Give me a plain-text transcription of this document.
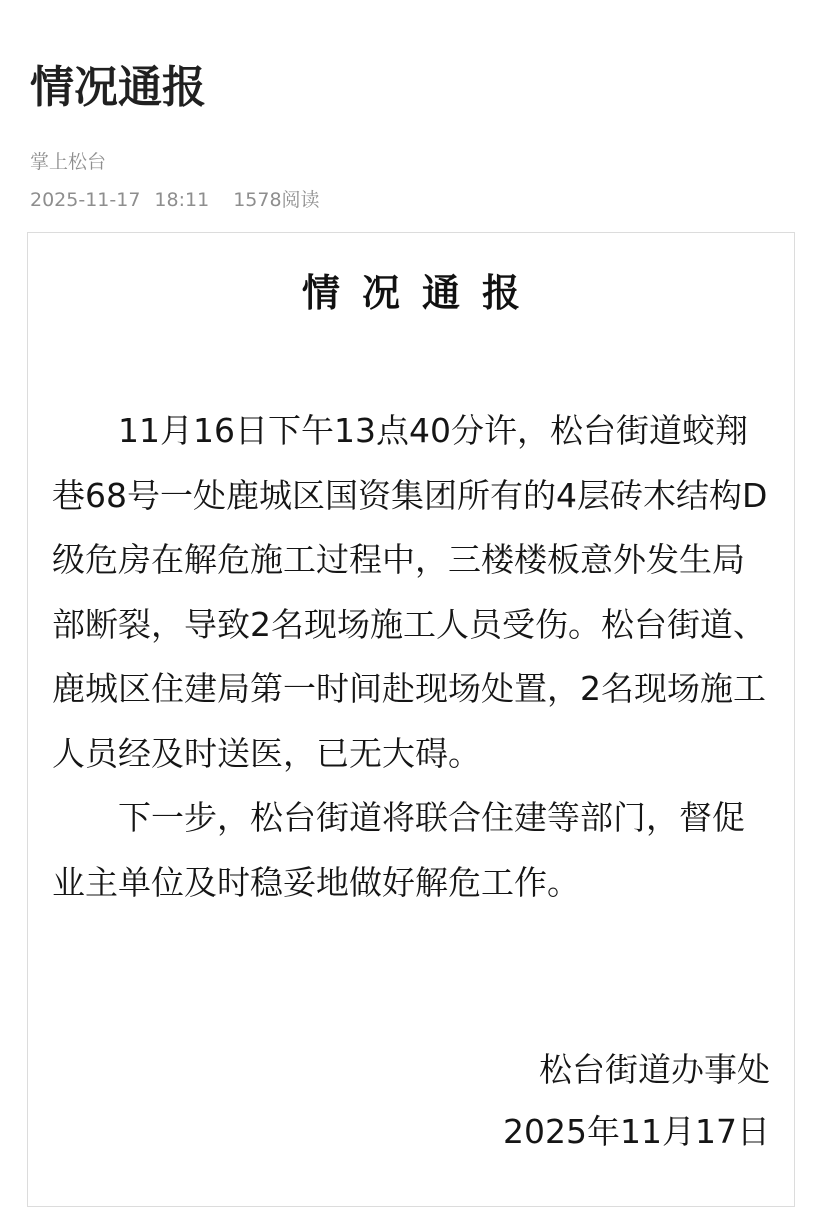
情况通报
掌上松台
2025-11-17 18:11 1578阅读
情况通报

11月16日下午13点40分许，松台街道蛟翔巷68号一处鹿城区国资集团所有的4层砖木结构D级危房在解危施工过程中，三楼楼板意外发生局部断裂，导致2名现场施工人员受伤。松台街道、鹿城区住建局第一时间赴现场处置，2名现场施工人员经及时送医，已无大碍。

下一步，松台街道将联合住建等部门，督促业主单位及时稳妥地做好解危工作。

松台街道办事处
2025年11月17日
